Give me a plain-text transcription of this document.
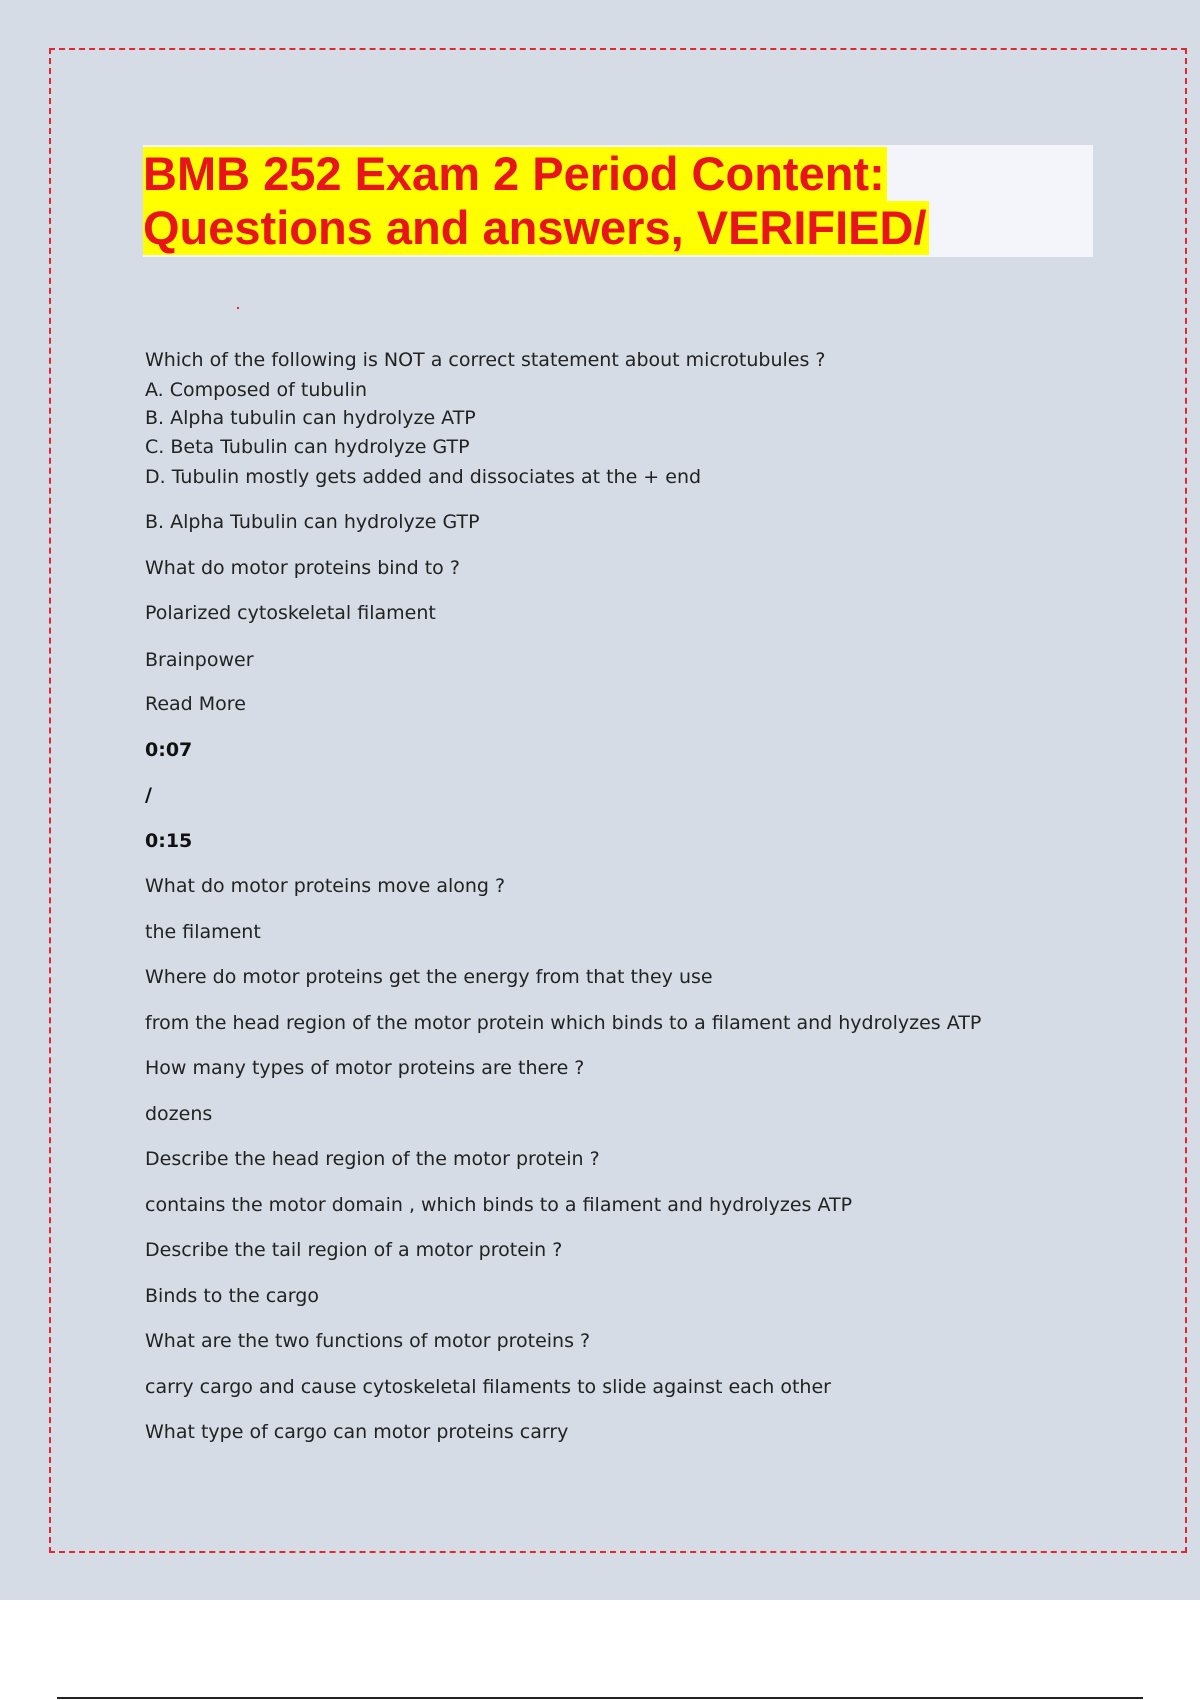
BMB 252 Exam 2 Period Content:
Questions and answers, VERIFIED/
Which of the following is NOT a correct statement about microtubules ?
A. Composed of tubulin
B. Alpha tubulin can hydrolyze ATP
C. Beta Tubulin can hydrolyze GTP
D. Tubulin mostly gets added and dissociates at the + end
B. Alpha Tubulin can hydrolyze GTP
What do motor proteins bind to ?
Polarized cytoskeletal filament
Brainpower
Read More
0:07
/
0:15
What do motor proteins move along ?
the filament
Where do motor proteins get the energy from that they use
from the head region of the motor protein which binds to a filament and hydrolyzes ATP
How many types of motor proteins are there ?
dozens
Describe the head region of the motor protein ?
contains the motor domain , which binds to a filament and hydrolyzes ATP
Describe the tail region of a motor protein ?
Binds to the cargo
What are the two functions of motor proteins ?
carry cargo and cause cytoskeletal filaments to slide against each other
What type of cargo can motor proteins carry
